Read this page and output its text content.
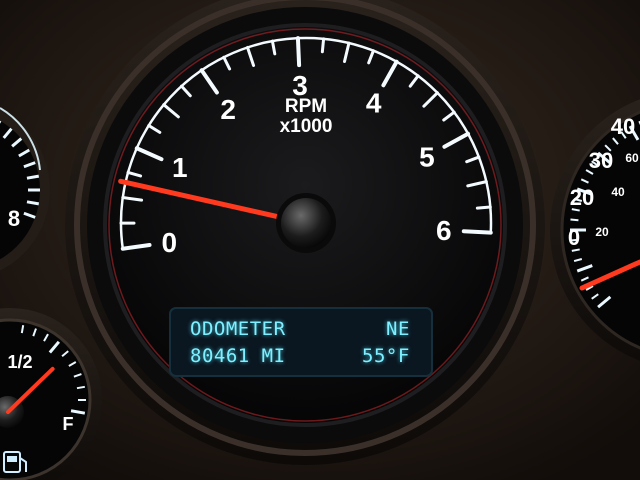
8
1/2
F
40
30
20
0
60
40
20
0
1
2
3
4
5
6
RPM
x1000
ODOMETER	NE
80461 MI	55°F
